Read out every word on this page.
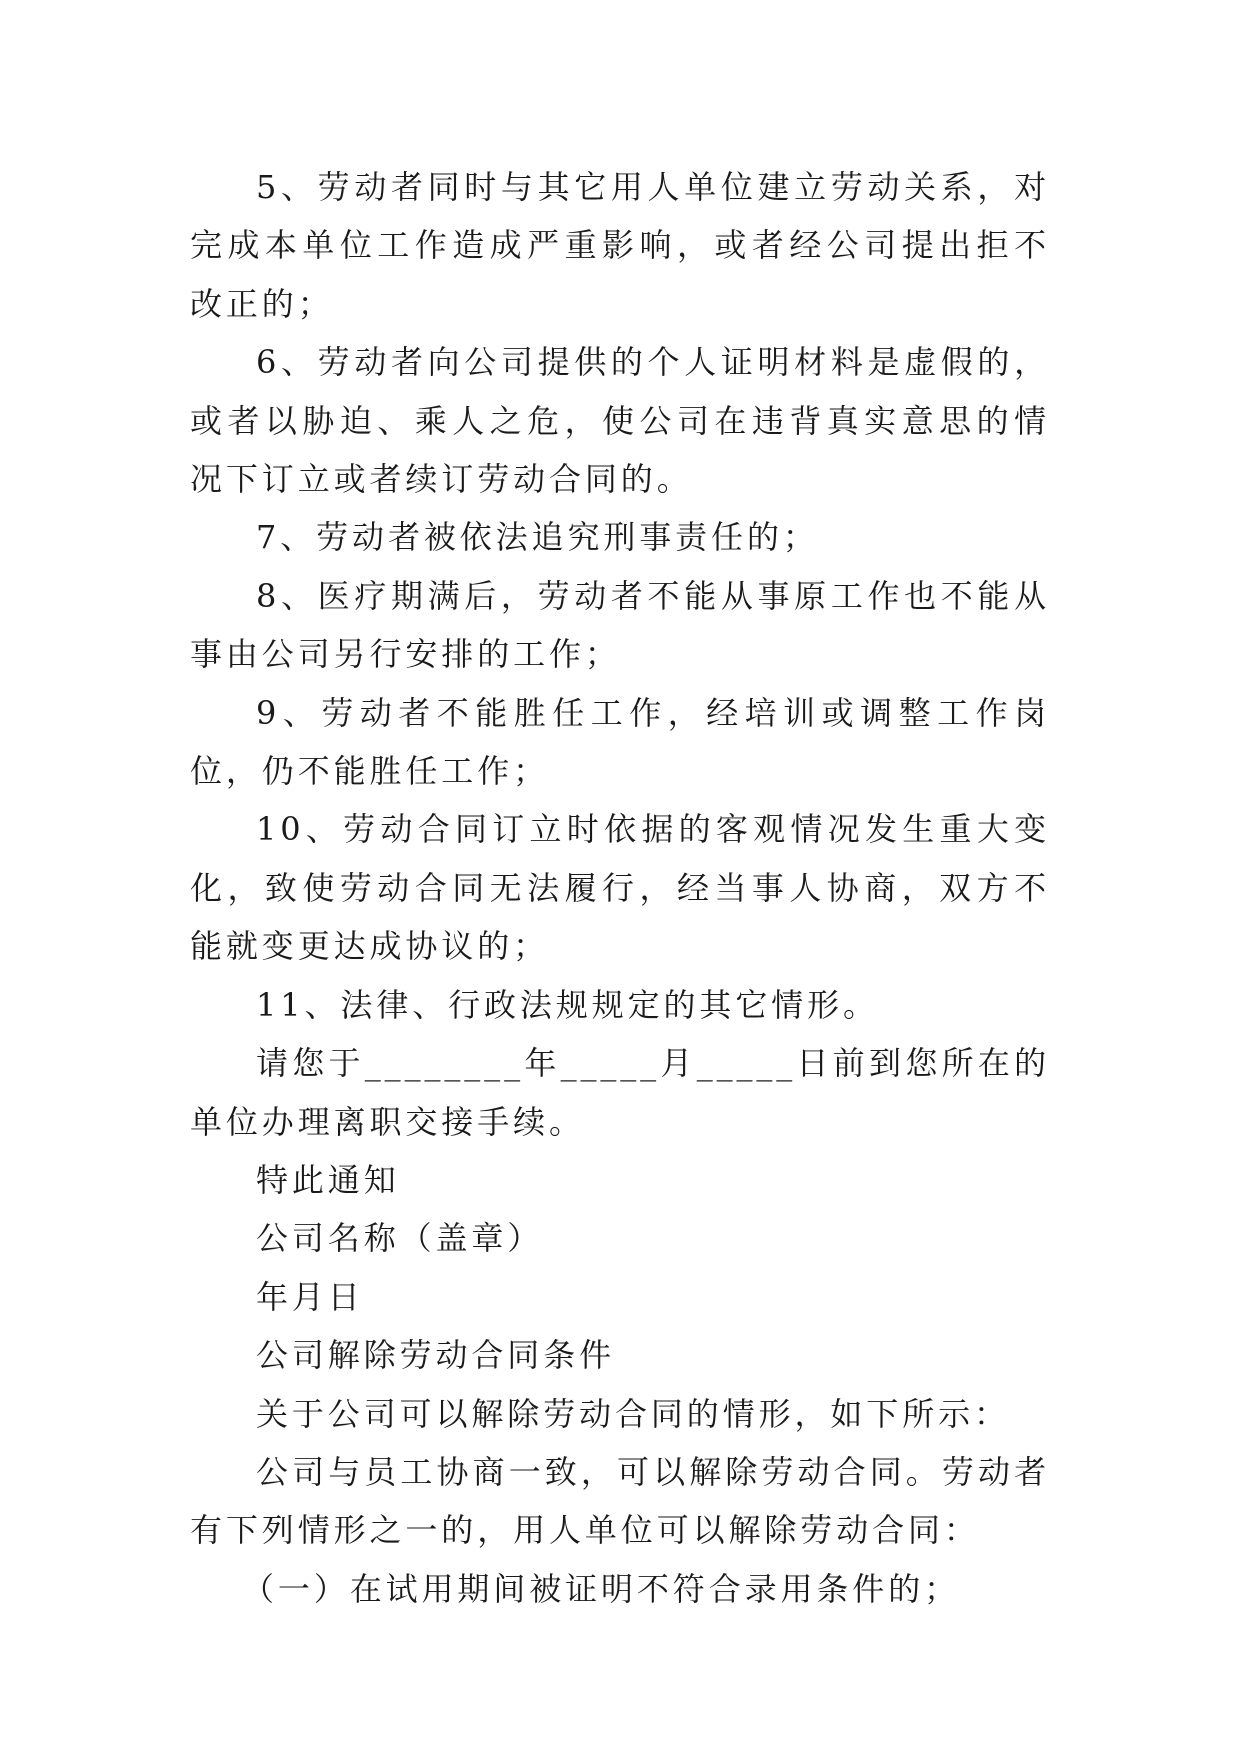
5、劳动者同时与其它用人单位建立劳动关系，对完成本单位工作造成严重影响，或者经公司提出拒不改正的；

6、劳动者向公司提供的个人证明材料是虚假的，或者以胁迫、乘人之危，使公司在违背真实意思的情况下订立或者续订劳动合同的。

7、劳动者被依法追究刑事责任的；

8、医疗期满后，劳动者不能从事原工作也不能从事由公司另行安排的工作；

9、劳动者不能胜任工作，经培训或调整工作岗位，仍不能胜任工作；

10、劳动合同订立时依据的客观情况发生重大变化，致使劳动合同无法履行，经当事人协商，双方不能就变更达成协议的；

11、法律、行政法规规定的其它情形。

请您于________年_____月_____日前到您所在的单位办理离职交接手续。

特此通知

公司名称（盖章）

年月日

公司解除劳动合同条件

关于公司可以解除劳动合同的情形，如下所示：

公司与员工协商一致，可以解除劳动合同。劳动者有下列情形之一的，用人单位可以解除劳动合同：

（一）在试用期间被证明不符合录用条件的；
